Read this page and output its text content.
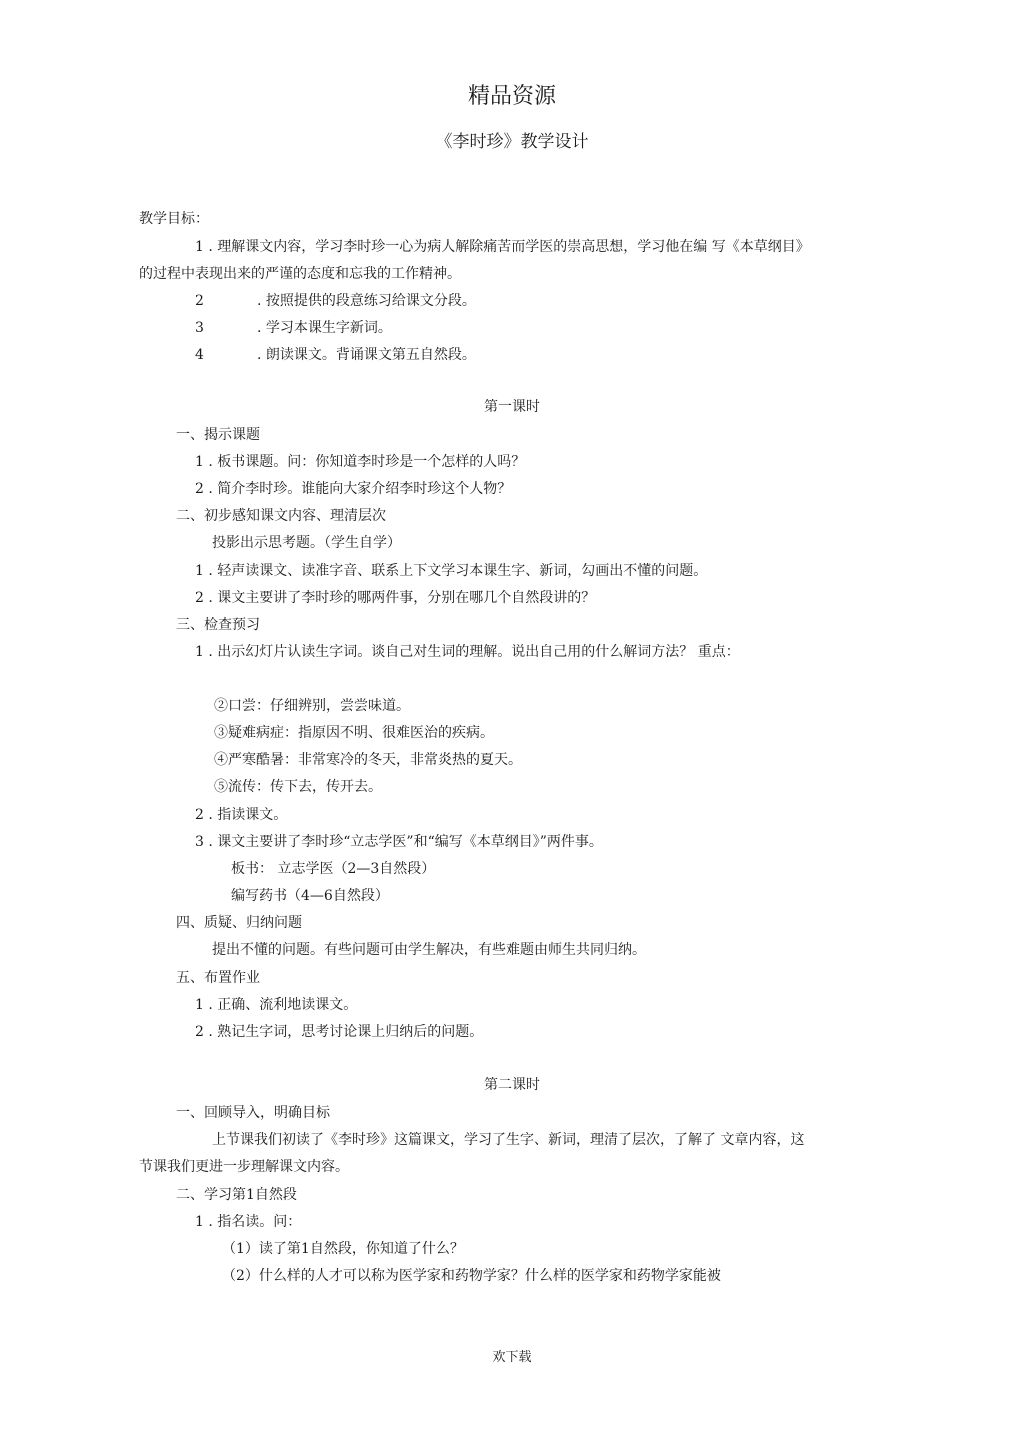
精品资源
《李时珍》教学设计
教学目标：
1 . 理解课文内容，学习李时珍一心为病人解除痛苦而学医的崇高思想，学习他在编 写《本草纲目》
的过程中表现出来的严谨的态度和忘我的工作精神。
2	. 按照提供的段意练习给课文分段。
3	. 学习本课生字新词。
4	. 朗读课文。背诵课文第五自然段。
第一课时
一、揭示课题
1 . 板书课题。问：你知道李时珍是一个怎样的人吗？
2 . 简介李时珍。谁能向大家介绍李时珍这个人物？
二、初步感知课文内容、理清层次
投影出示思考题。（学生自学）
1 . 轻声读课文、读准字音、联系上下文学习本课生字、新词，勾画出不懂的问题。
2 . 课文主要讲了李时珍的哪两件事，分别在哪几个自然段讲的？
三、检查预习
1 . 出示幻灯片认读生字词。谈自己对生词的理解。说出自己用的什么解词方法？ 重点：
②口尝：仔细辨别，尝尝味道。
③疑难病症：指原因不明、很难医治的疾病。
④严寒酷暑：非常寒冷的冬天，非常炎热的夏天。
⑤流传：传下去，传开去。
2 . 指读课文。
3 . 课文主要讲了李时珍“立志学医”和“编写《本草纲目》”两件事。
板书： 立志学医（2—3自然段）
编写药书（4—6自然段）
四、质疑、归纳问题
提出不懂的问题。有些问题可由学生解决，有些难题由师生共同归纳。
五、布置作业
1 . 正确、流利地读课文。
2 . 熟记生字词，思考讨论课上归纳后的问题。
第二课时
一、回顾导入，明确目标
上节课我们初读了《李时珍》这篇课文，学习了生字、新词，理清了层次，了解了 文章内容，这
节课我们更进一步理解课文内容。
二、学习第1自然段
1 . 指名读。问：
（1）读了第1自然段，你知道了什么？
（2）什么样的人才可以称为医学家和药物学家？什么样的医学家和药物学家能被
欢下载
